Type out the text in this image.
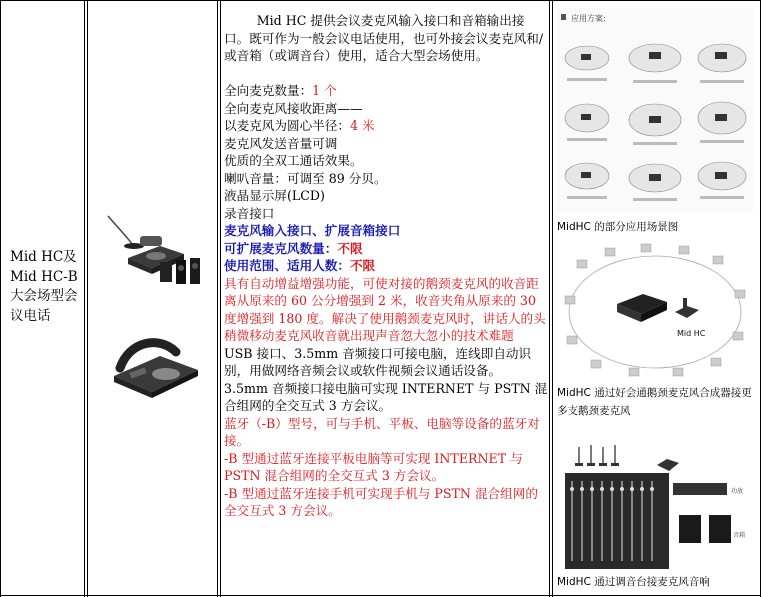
Mid HC及 Mid HC-B 大会场型会议电话

Mid HC 提供会议麦克风输入接口和音箱输出接口。既可作为一般会议电话使用，也可外接会议麦克风和/或音箱（或调音台）使用，适合大型会场使用。

全向麦克数量：1 个

全向麦克风接收距离——

以麦克风为圆心半径：4 米

麦克风发送音量可调

优质的全双工通话效果。

喇叭音量：可调至 89 分贝。

液晶显示屏(LCD)

录音接口

麦克风输入接口、扩展音箱接口

可扩展麦克风数量：不限

使用范围、适用人数：不限

具有自动增益增强功能，可使对接的鹅颈麦克风的收音距离从原来的 60 公分增强到 2 米，收音夹角从原来的 30 度增强到 180 度。解决了使用鹅颈麦克风时，讲话人的头稍微移动麦克风收音就出现声音忽大忽小的技术难题

USB 接口、3.5mm 音频接口可接电脑，连线即自动识别，用做网络音频会议或软件视频会议通话设备。

3.5mm 音频接口接电脑可实现 INTERNET 与 PSTN 混合组网的全交互式 3 方会议。

蓝牙（-B）型号，可与手机、平板、电脑等设备的蓝牙对接。

-B 型通过蓝牙连接平板电脑等可实现 INTERNET 与 PSTN 混合组网的全交互式 3 方会议。

-B 型通过蓝牙连接手机可实现手机与 PSTN 混合组网的全交互式 3 方会议。

应用方案:
MidHC 的部分应用场景图
Mid HC
MidHC 通过好会通鹅颈麦克风合成器接更多支鹅颈麦克风
功放
音箱
MidHC 通过调音台接麦克风音响
